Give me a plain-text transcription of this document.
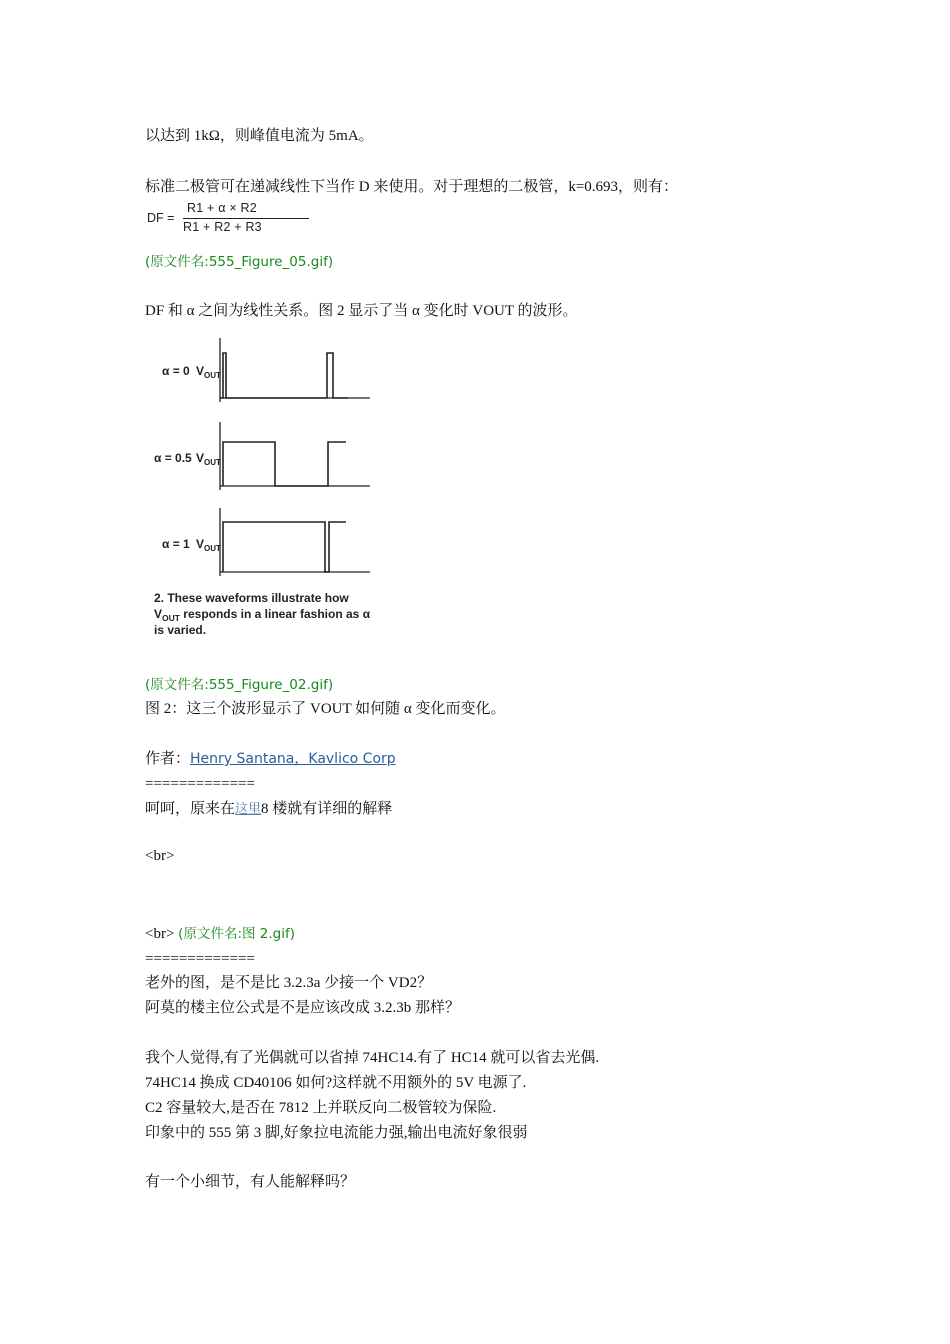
以达到 1kΩ，则峰值电流为 5mA。
标准二极管可在递减线性下当作 D 来使用。对于理想的二极管，k=0.693，则有：
DF =
R1 + α × R2
R1 + R2 + R3
(原文件名:555_Figure_05.gif)
DF 和 α 之间为线性关系。图 2 显示了当 α 变化时 VOUT 的波形。
α = 0 $V_{OUT}$
α = 0.5 $V_{OUT}$
α = 1 $V_{OUT}$
2. These waveforms illustrate how
$V_{OUT}$ responds in a linear fashion as α
is varied.
(原文件名:555_Figure_02.gif)
图 2：这三个波形显示了 VOUT 如何随 α 变化而变化。
作者：Henry Santana，Kavlico Corp
=============
呵呵，原来在这里8 楼就有详细的解释
<br>
<br> (原文件名:图 2.gif)
=============
老外的图，是不是比 3.2.3a 少接一个 VD2？
阿莫的楼主位公式是不是应该改成 3.2.3b 那样？
我个人觉得,有了光偶就可以省掉 74HC14.有了 HC14 就可以省去光偶.
74HC14 换成 CD40106 如何?这样就不用额外的 5V 电源了.
C2 容量较大,是否在 7812 上并联反向二极管较为保险.
印象中的 555 第 3 脚,好象拉电流能力强,输出电流好象很弱
有一个小细节，有人能解释吗？
